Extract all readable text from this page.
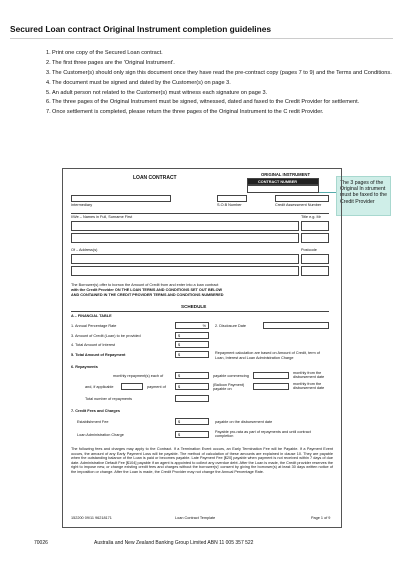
Secured Loan contract Original Instrument completion guidelines
1. Print one copy of the Secured Loan contract.
2. The first three pages are the 'Original Instrument'.
3. The Customer(s) should only sign this document once they have read the pre-contract copy (pages 7 to 9) and the Terms and Conditions.
4. The document must be signed and dated by the Customer(s) on page 3.
5. An adult person not related to the Customer(s) must witness each signature on page 3.
6. The three pages of the Original Instrument must be signed, witnessed, dated and faxed to the Credit Provider for settlement.
7. Once settlement is completed, please return the three pages of the Original Instrument to the C redit Provider.
The 3 pages of the Original In strument must be faxed to the Credit Provider
LOAN CONTRACT
ORIGINAL INSTRUMENT
CONTRACT NUMBER
Intermediary	S.O.B Number	Credit Assessment Number
I/We – Names in Full, Surname First	Title e.g. Mr
Of – Address(s)	Postcode
The Borrower(s) offer to borrow the Amount of Credit from and enter into a loan contract
with the Credit Provider ON THE LOAN TERMS AND CONDITIONS SET OUT BELOW
AND CONTAINED IN THE CREDIT PROVIDER TERMS AND CONDITIONS NUMBERED
SCHEDULE
A – FINANCIAL TABLE
1. Annual Percentage Rate	% 2. Disclosure Date
3. Amount of Credit (Loan) to be provided	$
4. Total Amount of Interest	$
5. Total Amount of Repayment	$	Repayment calculation are based on Amount of Credit, term of Loan, Interest and Loan Administration Charge
6. Repayments
monthly repayment(s) each of	$	payable commencing
monthly from the disbursement date
and, if applicable	payment of	$	(Balloon Payment) payable on
monthly from the disbursement date
Total number of repayments
7. Credit Fees and Charges
Establishment Fee	$	payable on the disbursement date
Loan Administration Charge	$
Payable pro-rata as part of repayments and until contract completion
The following fees and charges may apply to the Contract. If a Termination Event occurs, an Early Termination Fee will be Payable. If a Payment Event occurs, the amount of any Early Payment Loss will be payable. The method of calculation of these amounts are explained in clause 10. They are payable when the outstanding balance of the Loan is paid or becomes payable. Late Payment Fee [$20] payable when payment is not received within 7 days of due date. Administrative Default Fee [$104] payable if an agent is appointed to collect any overdue debt. After the Loan is made, the Credit provider reserves the right to impose new, or change existing credit fees and charges without the borrower(s)' consent by giving the borrower(s) at least 30 days written notice of the imposition or change. After the Loan is made, the Credit Provider may not change the Annual Percentage Rate.
152200 09/11 96218171	Loan Contract Template	Page 1 of 9
70026	Australia and New Zealand Banking Group Limited ABN 11 005 357 522
